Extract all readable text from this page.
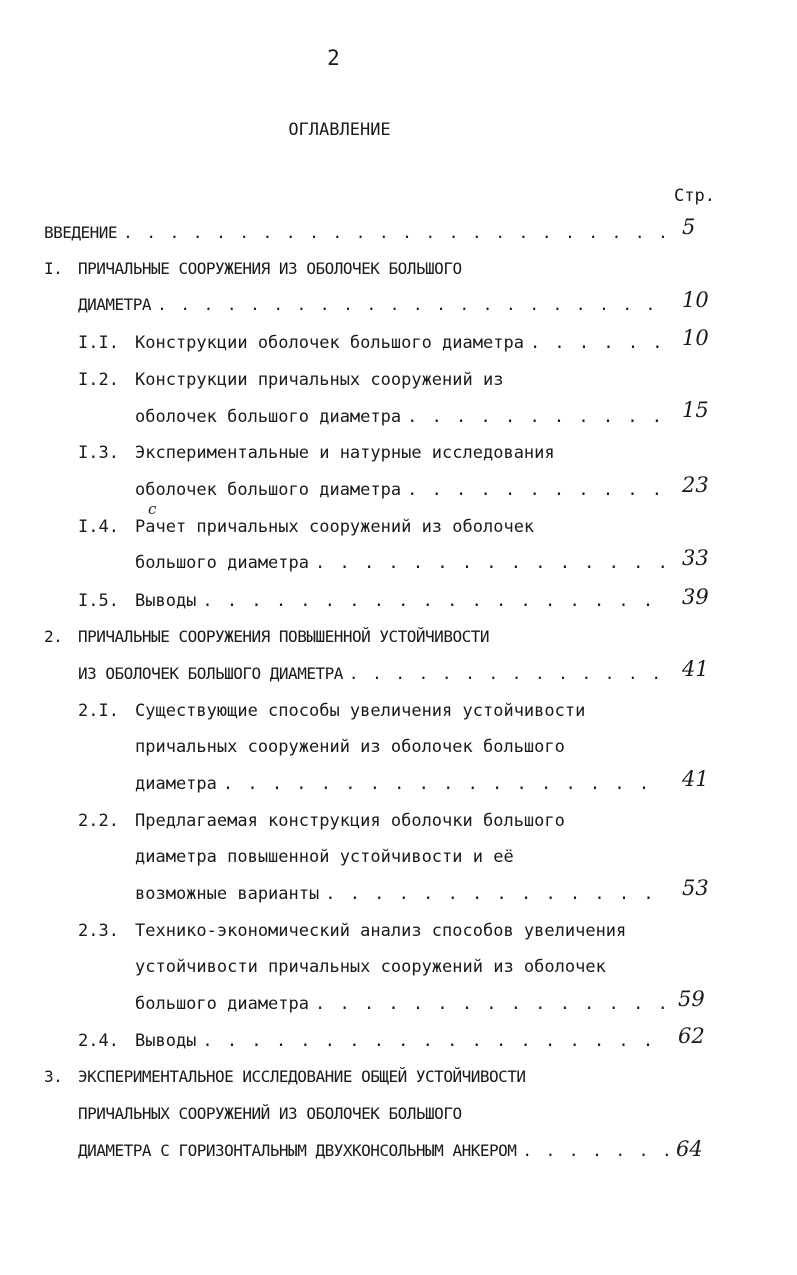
2
ОГЛАВЛЕНИЕ
Стр.
ВВЕДЕНИЕ . . .	5
I. ПРИЧАЛЬНЫЕ СООРУЖЕНИЯ ИЗ ОБОЛОЧЕК БОЛЬШОГО
ДИАМЕТРА . . .	10
I.I. Конструкции оболочек большого диаметра . . .	10
I.2. Конструкции причальных сооружений из
оболочек большого диаметра . . .	15
I.3. Экспериментальные и натурные исследования
оболочек большого диаметра . . .	23
с
I.4. Рачет причальных сооружений из оболочек
большого диаметра . . .	33
I.5. Выводы . . .	39
2. ПРИЧАЛЬНЫЕ СООРУЖЕНИЯ ПОВЫШЕННОЙ УСТОЙЧИВОСТИ
ИЗ ОБОЛОЧЕК БОЛЬШОГО ДИАМЕТРА . . .	41
2.I. Существующие способы увеличения устойчивости
причальных сооружений из оболочек большого
диаметра . . .	41
2.2. Предлагаемая конструкция оболочки большого
диаметра повышенной устойчивости и её
возможные варианты . . .	53
2.3. Технико-экономический анализ способов увеличения
устойчивости причальных сооружений из оболочек
большого диаметра . . .	59
2.4. Выводы . . .	62
3. ЭКСПЕРИМЕНТАЛЬНОЕ ИССЛЕДОВАНИЕ ОБЩЕЙ УСТОЙЧИВОСТИ
ПРИЧАЛЬНЫХ СООРУЖЕНИЙ ИЗ ОБОЛОЧЕК БОЛЬШОГО
ДИАМЕТРА С ГОРИЗОНТАЛЬНЫМ ДВУХКОНСОЛЬНЫМ АНКЕРОМ . . .	64
